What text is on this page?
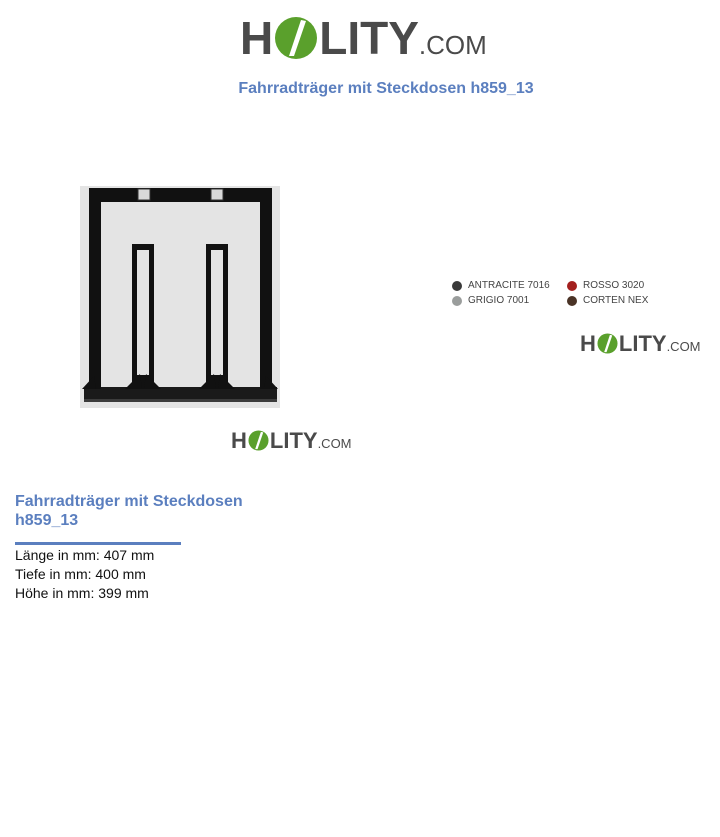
H LITY .COM
Fahrradträger mit Steckdosen h859_13
H LITY .COM
ANTRACITE 7016	ROSSO 3020
GRIGIO 7001	CORTEN NEX
H LITY .COM
Fahrradträger mit Steckdosen h859_13
Länge in mm: 407 mm
Tiefe in mm: 400 mm
Höhe in mm: 399 mm
